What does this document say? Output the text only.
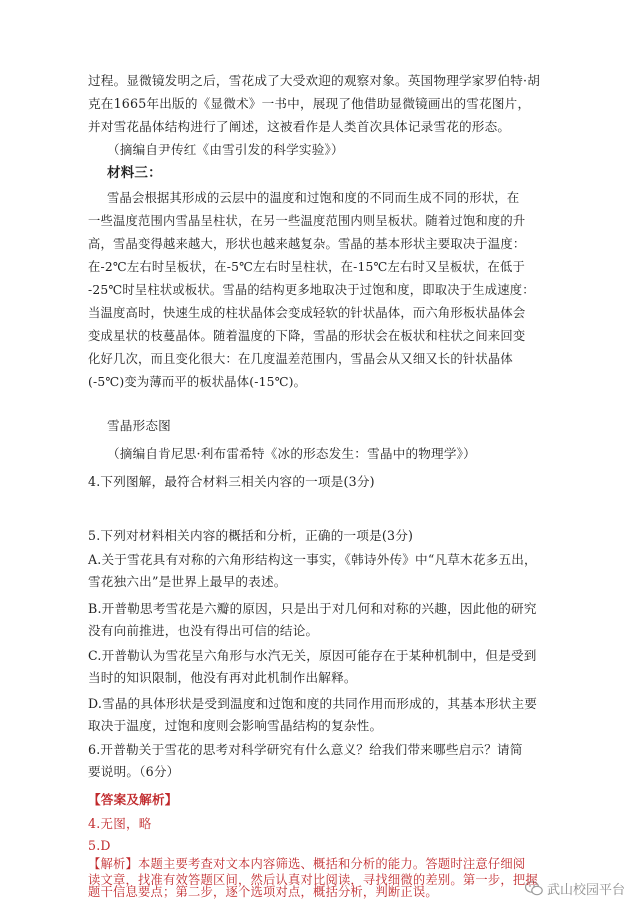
过程。显微镜发明之后，雪花成了大受欢迎的观察对象。英国物理学家罗伯特·胡
克在1665年出版的《显微术》一书中，展现了他借助显微镜画出的雪花图片，
并对雪花晶体结构进行了阐述，这被看作是人类首次具体记录雪花的形态。
（摘编自尹传红《由雪引发的科学实验》）
材料三：
雪晶会根据其形成的云层中的温度和过饱和度的不同而生成不同的形状，在
一些温度范围内雪晶呈柱状，在另一些温度范围内则呈板状。随着过饱和度的升
高，雪晶变得越来越大，形状也越来越复杂。雪晶的基本形状主要取决于温度：
在-2℃左右时呈板状，在-5℃左右时呈柱状，在-15℃左右时又呈板状，在低于
-25℃时呈柱状或板状。雪晶的结构更多地取决于过饱和度，即取决于生成速度：
当温度高时，快速生成的柱状晶体会变成轻软的针状晶体，而六角形板状晶体会
变成星状的枝蔓晶体。随着温度的下降，雪晶的形状会在板状和柱状之间来回变
化好几次，而且变化很大：在几度温差范围内，雪晶会从又细又长的针状晶体
(-5℃)变为薄而平的板状晶体(-15℃)。
雪晶形态图
（摘编自肯尼思·利布雷希特《冰的形态发生：雪晶中的物理学》）
4.下列图解，最符合材料三相关内容的一项是(3分)
5.下列对材料相关内容的概括和分析，正确的一项是(3分)
A.关于雪花具有对称的六角形结构这一事实，《韩诗外传》中“凡草木花多五出，
雪花独六出”是世界上最早的表述。
B.开普勒思考雪花是六瓣的原因，只是出于对几何和对称的兴趣，因此他的研究
没有向前推进，也没有得出可信的结论。
C.开普勒认为雪花呈六角形与水汽无关，原因可能存在于某种机制中，但是受到
当时的知识限制，他没有再对此机制作出解释。
D.雪晶的具体形状是受到温度和过饱和度的共同作用而形成的，其基本形状主要
取决于温度，过饱和度则会影响雪晶结构的复杂性。
6.开普勒关于雪花的思考对科学研究有什么意义？给我们带来哪些启示？请简
要说明。（6分）
【答案及解析】
4.无图，略
5.D
武山校园平台
【解析】本题主要考查对文本内容筛选、概括和分析的能力。答题时注意仔细阅
读文章，找准有效答题区间，然后认真对比阅读，寻找细微的差别。第一步，把握
题干信息要点；第二步，逐个选项对点，概括分析，判断正误。
